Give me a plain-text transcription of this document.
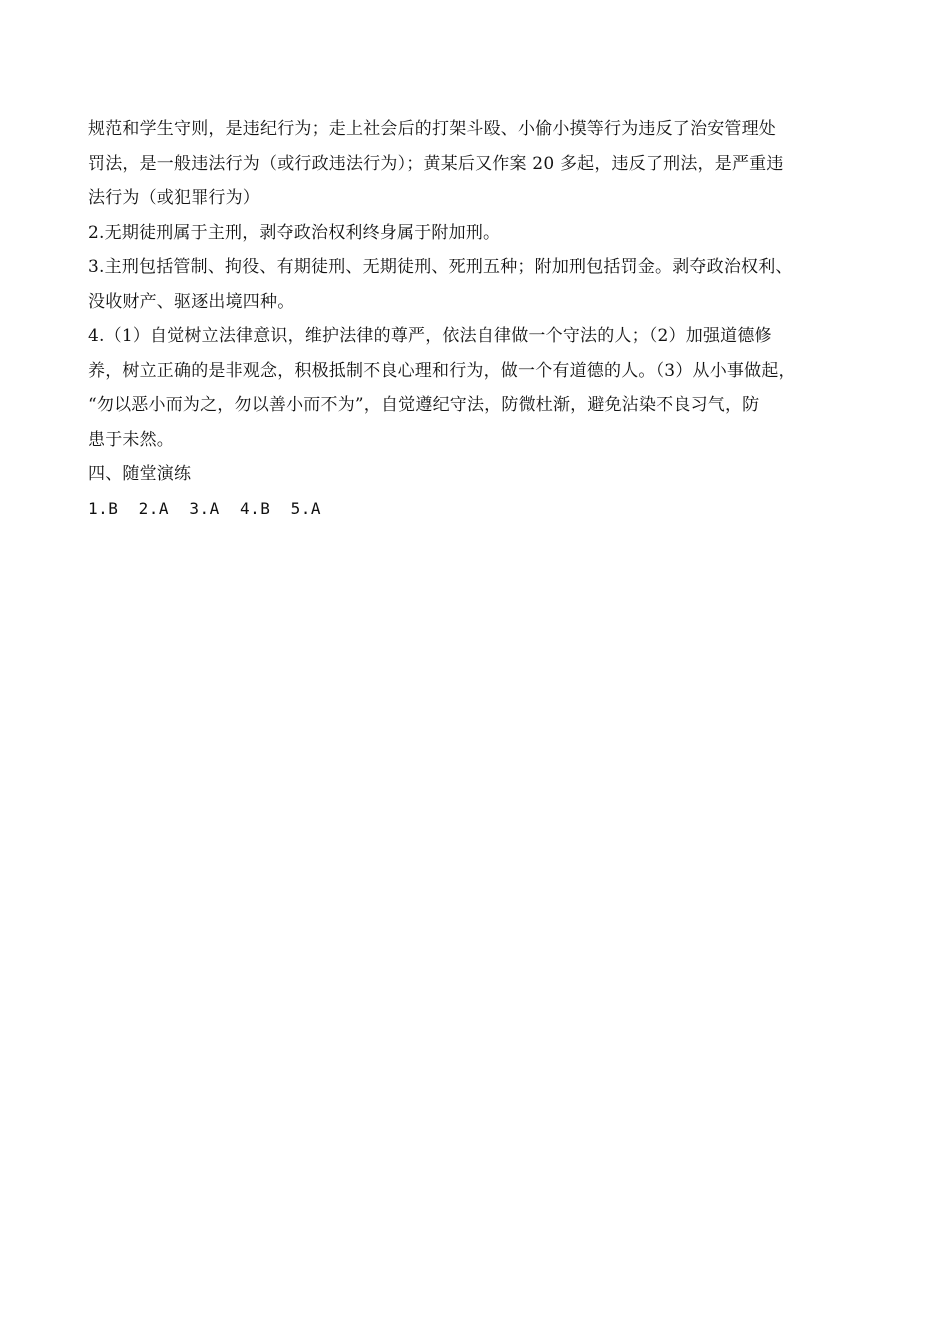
规范和学生守则，是违纪行为；走上社会后的打架斗殴、小偷小摸等行为违反了治安管理处

罚法，是一般违法行为（或行政违法行为）；黄某后又作案 20 多起，违反了刑法，是严重违

法行为（或犯罪行为）

2.无期徒刑属于主刑，剥夺政治权利终身属于附加刑。

3.主刑包括管制、拘役、有期徒刑、无期徒刑、死刑五种；附加刑包括罚金。剥夺政治权利、

没收财产、驱逐出境四种。

4.（1）自觉树立法律意识，维护法律的尊严，依法自律做一个守法的人；（2）加强道德修

养，树立正确的是非观念，积极抵制不良心理和行为，做一个有道德的人。（3）从小事做起，

“勿以恶小而为之，勿以善小而不为”，自觉遵纪守法，防微杜渐，避免沾染不良习气，防

患于未然。

四、随堂演练

1.B  2.A  3.A  4.B  5.A
